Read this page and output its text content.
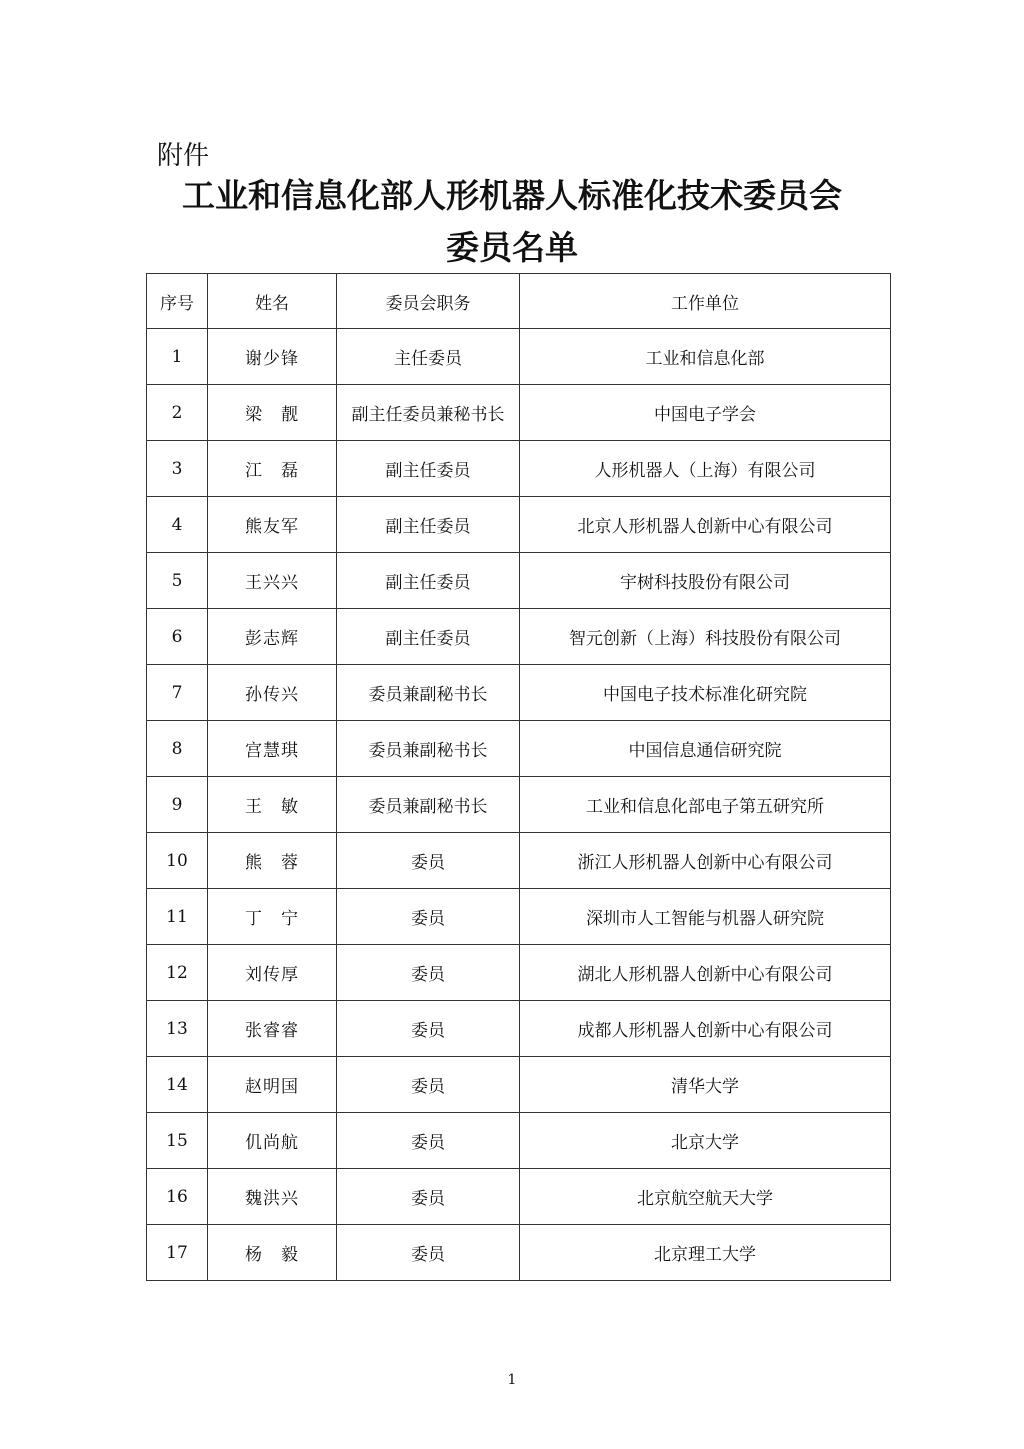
附件

工业和信息化部人形机器人标准化技术委员会
委员名单
序号	姓名	委员会职务	工作单位
1	谢少锋	主任委员	工业和信息化部
2	梁　靓	副主任委员兼秘书长	中国电子学会
3	江　磊	副主任委员	人形机器人（上海）有限公司
4	熊友军	副主任委员	北京人形机器人创新中心有限公司
5	王兴兴	副主任委员	宇树科技股份有限公司
6	彭志辉	副主任委员	智元创新（上海）科技股份有限公司
7	孙传兴	委员兼副秘书长	中国电子技术标准化研究院
8	宫慧琪	委员兼副秘书长	中国信息通信研究院
9	王　敏	委员兼副秘书长	工业和信息化部电子第五研究所
10	熊　蓉	委员	浙江人形机器人创新中心有限公司
11	丁　宁	委员	深圳市人工智能与机器人研究院
12	刘传厚	委员	湖北人形机器人创新中心有限公司
13	张睿睿	委员	成都人形机器人创新中心有限公司
14	赵明国	委员	清华大学
15	仉尚航	委员	北京大学
16	魏洪兴	委员	北京航空航天大学
17	杨　毅	委员	北京理工大学
1
